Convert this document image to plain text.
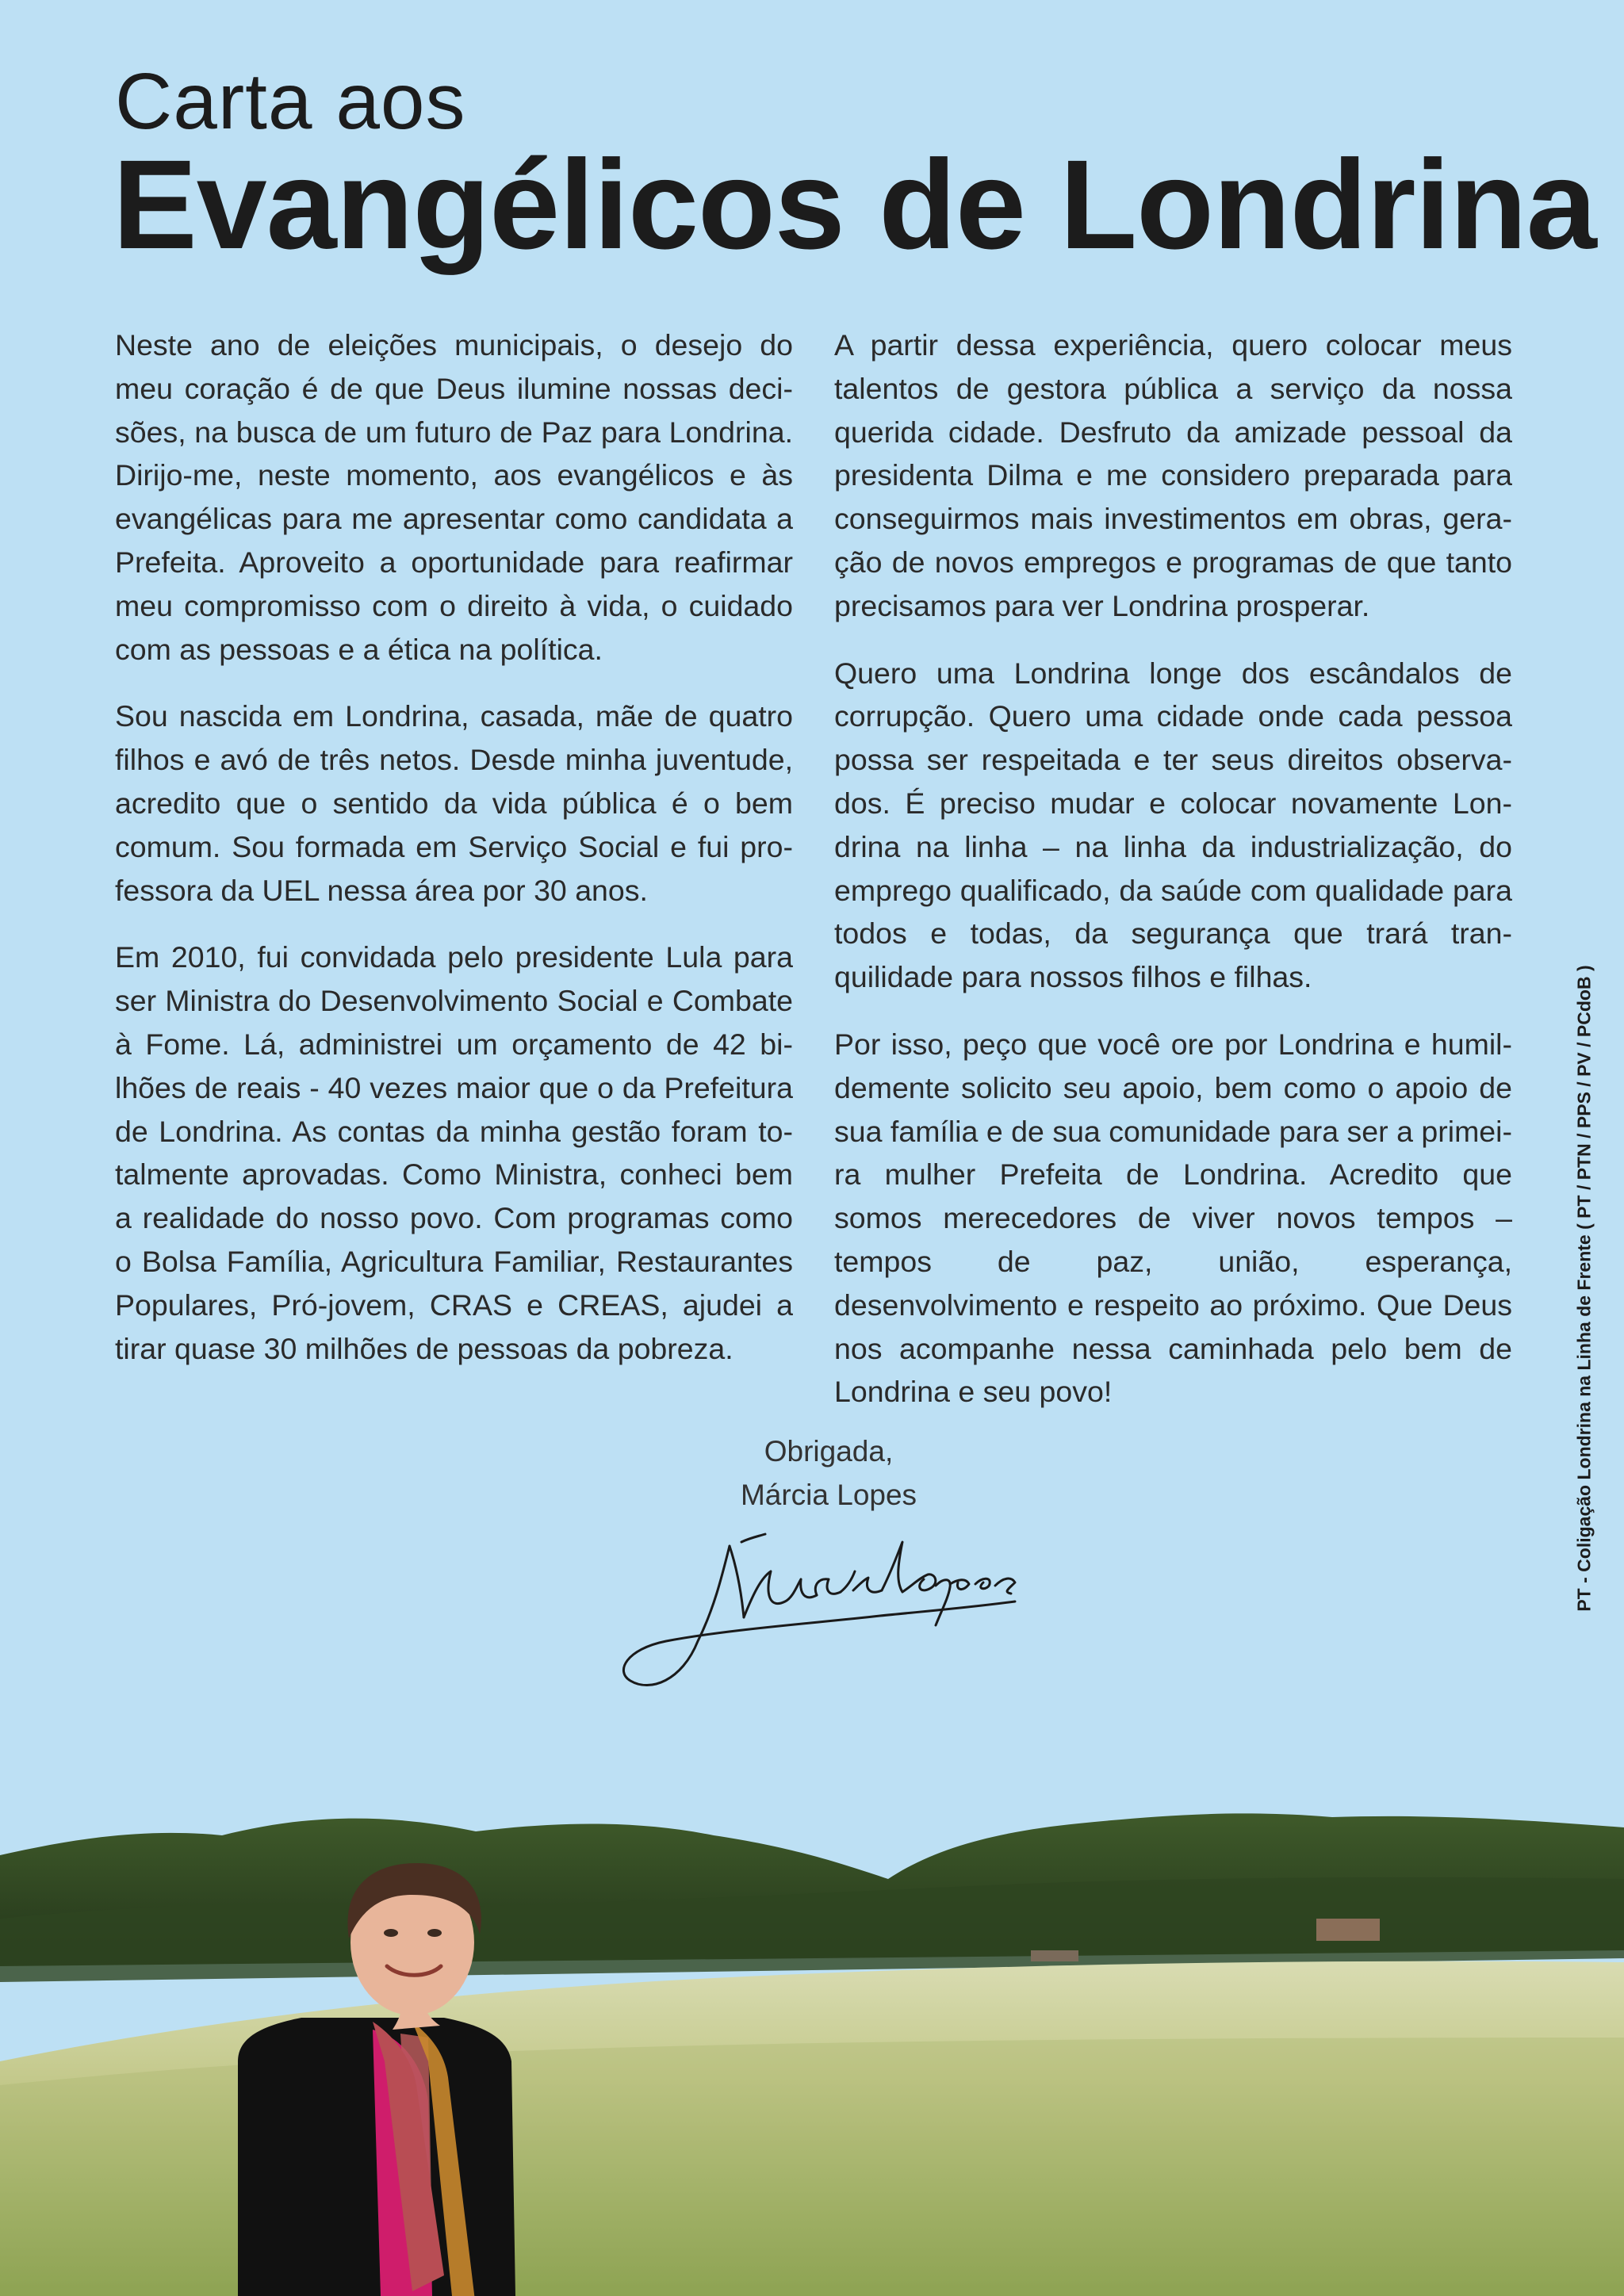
Carta aos
Evangélicos de Londrina

Neste ano de eleições municipais, o desejo do meu coração é de que Deus ilumine nossas decisões, na busca de um futuro de Paz para Londrina. Dirijo-me, neste momento, aos evangélicos e às evangélicas para me apresentar como candidata a Prefeita. Aproveito a oportunidade para reafirmar meu compromisso com o direito à vida, o cuidado com as pessoas e a ética na política.

Sou nascida em Londrina, casada, mãe de quatro filhos e avó de três netos. Desde minha juventude, acredito que o sentido da vida pública é o bem comum. Sou formada em Serviço Social e fui professora da UEL nessa área por 30 anos.

Em 2010, fui convidada pelo presidente Lula para ser Ministra do Desenvolvimento Social e Combate à Fome. Lá, administrei um orçamento de 42 bilhões de reais - 40 vezes maior que o da Prefeitura de Londrina. As contas da minha gestão foram totalmente aprovadas. Como Ministra, conheci bem a realidade do nosso povo. Com programas como o Bolsa Família, Agricultura Familiar, Restaurantes Populares, Pró-jovem, CRAS e CREAS, ajudei a tirar quase 30 milhões de pessoas da pobreza.

A partir dessa experiência, quero colocar meus talentos de gestora pública a serviço da nossa querida cidade. Desfruto da amizade pessoal da presidenta Dilma e me considero preparada para conseguirmos mais investimentos em obras, geração de novos empregos e programas de que tanto precisamos para ver Londrina prosperar.

Quero uma Londrina longe dos escândalos de corrupção. Quero uma cidade onde cada pessoa possa ser respeitada e ter seus direitos observados. É preciso mudar e colocar novamente Londrina na linha – na linha da industrialização, do emprego qualificado, da saúde com qualidade para todos e todas, da segurança que trará tranquilidade para nossos filhos e filhas.

Por isso, peço que você ore por Londrina e humildemente solicito seu apoio, bem como o apoio de sua família e de sua comunidade para ser a primeira mulher Prefeita de Londrina. Acredito que somos merecedores de viver novos tempos – tempos de paz, união, esperança, desenvolvimento e respeito ao próximo. Que Deus nos acompanhe nessa caminhada pelo bem de Londrina e seu povo!	PT - Coligação Londrina na Linha de Frente ( PT / PTN / PPS / PV / PCdoB )
Obrigada,
Márcia Lopes
